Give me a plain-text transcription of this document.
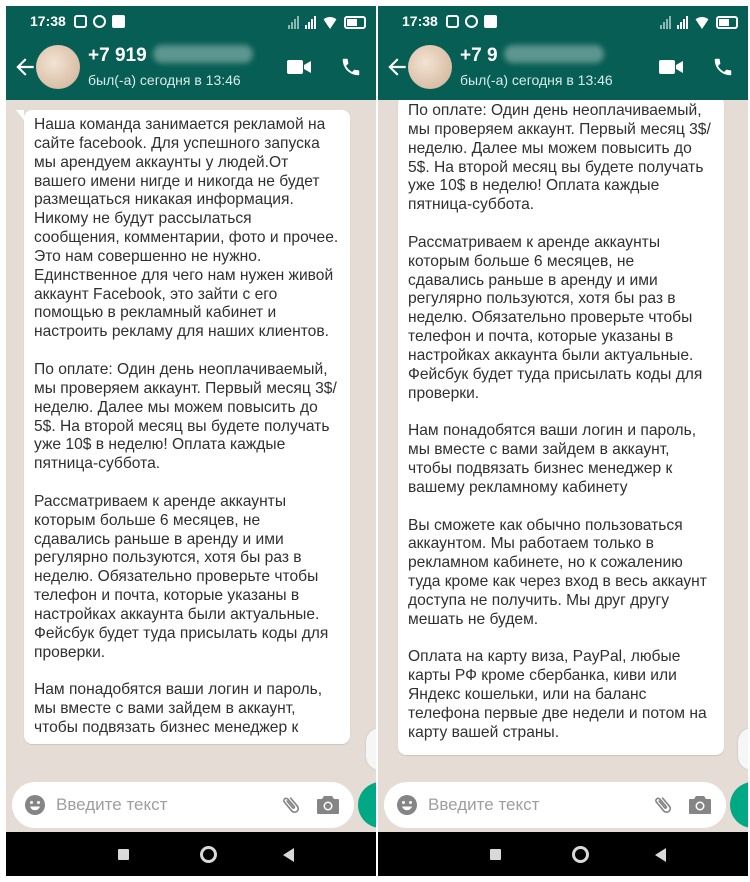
17:38
+7 919
был(-а) сегодня в 13:46
Наша команда занимается рекламой на сайте facebook. Для успешного запуска мы арендуем аккаунты у людей.От вашего имени нигде и никогда не будет размещаться никакая информация. Никому не будут рассылаться сообщения, комментарии, фото и прочее. Это нам совершенно не нужно.
Единственное для чего нам нужен живой аккаунт Facebook, это зайти с его помощью в рекламный кабинет и настроить рекламу для наших клиентов.

По оплате: Один день неоплачиваемый, мы проверяем аккаунт. Первый месяц 3$/неделю. Далее мы можем повысить до 5$. На второй месяц вы будете получать уже 10$ в неделю! Оплата каждые пятница-суббота.

Рассматриваем к аренде аккаунты которым больше 6 месяцев, не сдавались раньше в аренду и ими регулярно пользуются, хотя бы раз в неделю. Обязательно проверьте чтобы телефон и почта, которые указаны в настройках аккаунта были актуальные. Фейсбук будет туда присылать коды для проверки.

Нам понадобятся ваши логин и пароль, мы вместе с вами зайдем в аккаунт, чтобы подвязать бизнес менеджер к
Введите текст
17:38
+7 9
был(-а) сегодня в 13:46
По оплате: Один день неоплачиваемый, мы проверяем аккаунт. Первый месяц 3$/неделю. Далее мы можем повысить до 5$. На второй месяц вы будете получать уже 10$ в неделю! Оплата каждые пятница-суббота.

Рассматриваем к аренде аккаунты которым больше 6 месяцев, не сдавались раньше в аренду и ими регулярно пользуются, хотя бы раз в неделю. Обязательно проверьте чтобы телефон и почта, которые указаны в настройках аккаунта были актуальные. Фейсбук будет туда присылать коды для проверки.

Нам понадобятся ваши логин и пароль, мы вместе с вами зайдем в аккаунт, чтобы подвязать бизнес менеджер к вашему рекламному кабинету

Вы сможете как обычно пользоваться аккаунтом. Мы работаем только в рекламном кабинете, но к сожалению туда кроме как через вход в весь аккаунт доступа не получить. Мы друг другу мешать не будем.

Оплата на карту виза, PayPal, любые карты РФ кроме сбербанка, киви или Яндекс кошельки, или на баланс телефона первые две недели и потом на карту вашей страны.
Введите текст
